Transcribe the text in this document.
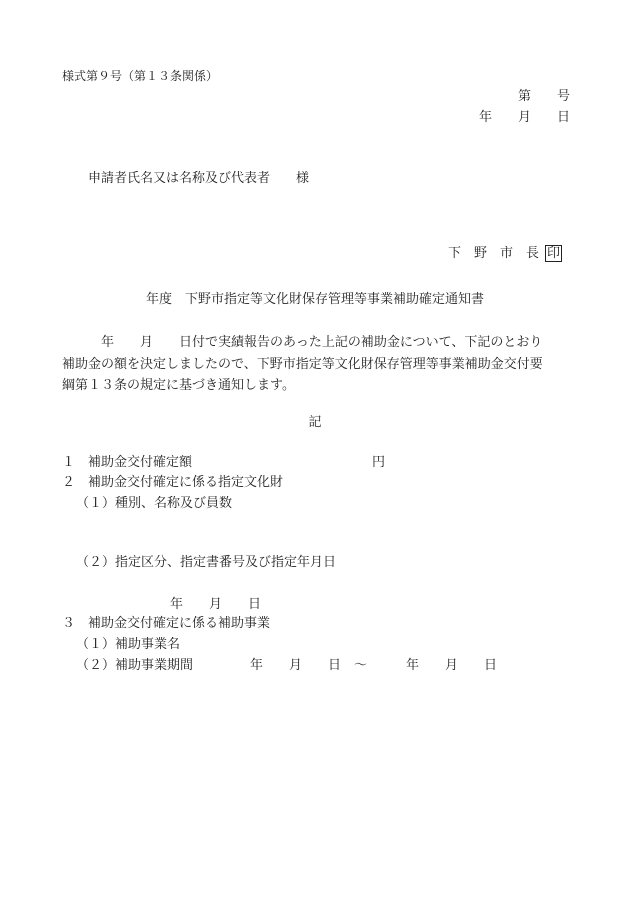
様式第９号（第１３条関係）
第　　号
年　　月　　日
申請者氏名又は名称及び代表者　　様

下　野　市　長 印

年度　下野市指定等文化財保存管理等事業補助確定通知書
　　　年　　月　　日付で実績報告のあった上記の補助金について、下記のとおり
補助金の額を決定しましたので、下野市指定等文化財保存管理等事業補助金交付要
綱第１３条の規定に基づき通知します。
記
１　補助金交付確定額	円
２　補助金交付確定に係る指定文化財
（１）種別、名称及び員数
（２）指定区分、指定書番号及び指定年月日
年　　月　　日
３　補助金交付確定に係る補助事業
（１）補助事業名
（２）補助事業期間	年　　月　　日　～　　　年　　月　　日
